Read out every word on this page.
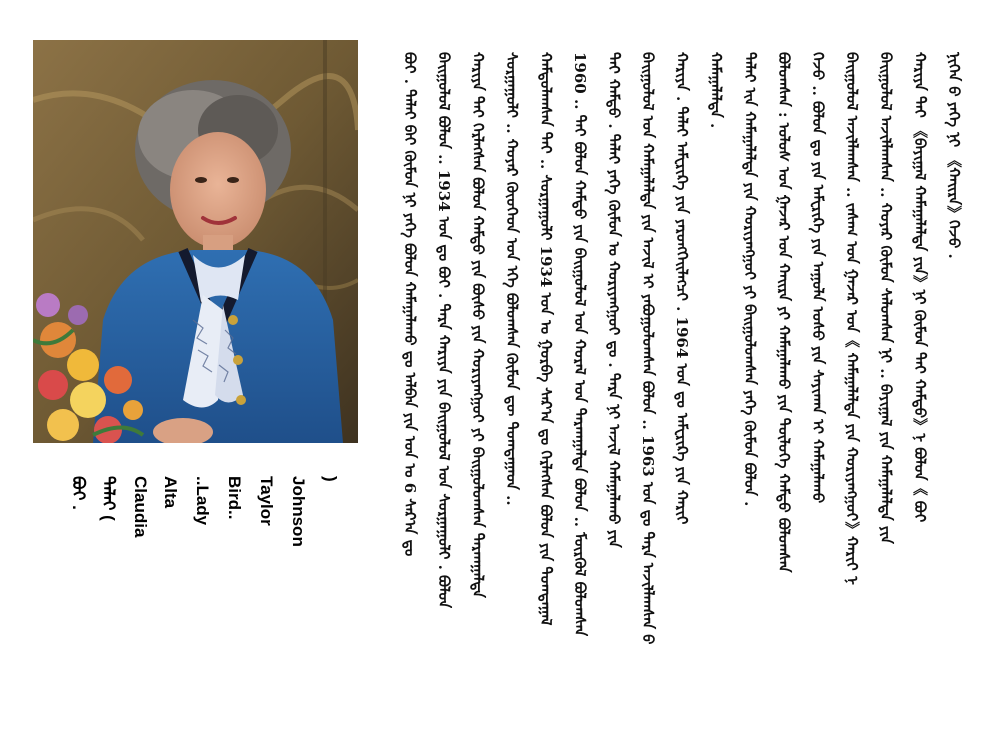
)
Johnson
Taylor
Bird..
..Lady
Alta
Claudia
ᠲᠠᠯᠠᠶ (
ᠪᠣᠢ .
ᠨᠢᠭᠡᠨ ᠪ ᠶᠡᠬᠡ ᠨᠢ 《ᠬᠠᠢᠷᠠ》ᠭᠡᠵᠦ .
ᠬᠠᠷᠢᠶᠠ ᠲᠠᠢ 《ᠪᠠᠶᠢᠭᠠᠯ ᠬᠠᠮᠠᠭᠠᠯᠠᠯᠲᠠ ᠶᠢᠨ》ᠨᠢ ᠬᠦᠮᠦᠨ ᠲᠠᠢ ᠬᠠᠮᠲᠤ》ᠨ ᠪᠣᠯᠤᠨ《 ᠪᠣᠢ
ᠪᠠᠢᠭᠤᠯᠤᠯ ᠠᠵᠢᠯᠯᠠᠭᠰᠠᠨ .. ᠬᠣᠶᠠᠷ ᠬᠦᠮᠦᠨ ᠰᠠᠯᠤᠭᠰᠠᠨ ᠨᠢ .. ᠪᠠᠶᠢᠭᠠᠯ ᠶᠢᠨ ᠬᠠᠮᠠᠭᠠᠯᠠᠯᠲᠠ ᠶᠢᠨ
ᠪᠠᠢᠭᠤᠯᠤᠯ ᠠᠵᠢᠯᠯᠠᠭᠰᠠᠨ .. ᠵᠠᠰᠠᠭ ᠤᠨ ᠭᠠᠵᠠᠷ ᠤᠨ《 ᠬᠠᠮᠠᠭᠠᠯᠠᠯᠲᠠ ᠶᠢᠨ ᠬᠤᠷᠢᠶᠠᠩᠭᠤᠢ》ᠬᠠᠷᠢᠶ ᠨ
ᠭᠡᠵᠦ .. ᠪᠣᠯᠤᠨ ᠳᠤ ᠶᠢᠨ ᠠᠮᠧᠷᠢᠺᠠ ᠶᠢᠨ ᠠᠭᠤᠯᠠ ᠤᠰᠤ ᠶᠢᠨ ᠰᠠᠶᠢᠬᠠᠨ ᠢ ᠬᠠᠮᠠᠭᠠᠯᠠᠬᠤ
ᠪᠣᠯᠤᠭᠰᠠᠨ : ᠤᠯᠤᠰ ᠤᠨ ᠭᠠᠵᠠᠷ ᠤᠨ ᠬᠠᠢᠷᠠ ᠶᠢ ᠬᠠᠮᠠᠭᠠᠯᠠᠬᠤ ᠶᠢᠨ ᠲᠥᠯᠥᠭᠡ ᠬᠠᠮᠲᠤ ᠪᠣᠯᠤᠭᠰᠠᠨ
ᠲᠠᠯᠠᠶ ᠢᠨ ᠬᠠᠮᠠᠭᠠᠯᠠᠯᠲᠠ ᠶᠢᠨ ᠬᠤᠷᠢᠶᠠᠩᠭᠤᠢ ᠶᠢ ᠪᠠᠢᠭᠤᠯᠤᠭᠰᠠᠨ ᠶᠡᠬᠡ ᠬᠦᠮᠦᠨ ᠪᠣᠯᠤᠨ .
ᠬᠠᠮᠠᠭᠠᠯᠠᠯᠲᠠ .
ᠬᠠᠷᠢᠶᠠ . ᠲᠠᠯᠠᠶ ᠠᠮᠧᠷᠢᠺᠠ ᠶᠢᠨ ᠶᠡᠷᠦᠩᠬᠡᠢᠯᠡᠭᠴᠢ . 1964 ᠣᠨ ᠳᠤ ᠠᠮᠧᠷᠢᠺᠠ ᠶᠢᠨ ᠬᠠᠷᠢᠶ
ᠪᠠᠢᠭᠤᠯᠤᠯ ᠤᠨ ᠬᠠᠮᠠᠭᠠᠯᠠᠯᠲᠠ ᠶᠢᠨ ᠠᠵᠢᠯ ᠢ ᠶᠠᠪᠤᠭᠤᠯᠤᠭᠰᠠᠨ ᠪᠣᠯᠤᠨ .. 1963 ᠣᠨ ᠳᠤ ᠲᠡᠷᠡ ᠠᠵᠢᠯᠯᠠᠭᠰᠠᠨ ᠪ
ᠲᠠᠢ ᠬᠠᠮᠲᠤ . ᠲᠠᠯᠠᠶ ᠶᠡᠬᠡ ᠬᠦᠮᠦᠨ ᠤ ᠬᠤᠷᠢᠶᠠᠩᠭᠤᠢ ᠳᠤ . ᠲᠡᠷᠡ ᠨᠢ ᠠᠵᠢᠯ ᠬᠠᠮᠠᠭᠠᠯᠠᠬᠤ ᠶᠢᠨ
1960 .. ᠲᠠᠢ ᠪᠣᠯᠤᠨ ᠬᠠᠮᠲᠤ ᠶᠢᠨ ᠪᠠᠢᠭᠤᠯᠤᠯ ᠤᠨ ᠬᠤᠷᠠᠯ ᠤᠨ ᠲᠠᠷᠬᠠᠭᠠᠯᠲᠠ ᠪᠣᠯᠤᠨ .. ᠮᠦᠷᠭᠦᠯ ᠪᠣᠯᠤᠭᠰᠠᠨ
ᠬᠠᠮᠲᠤᠯᠠᠭᠰᠠᠨ ᠲᠠᠢ .. ᠰᠤᠷᠭᠠᠭᠤᠯᠢ 1934 ᠣᠨ ᠤ ᠭᠤᠷᠪᠠ ᠰᠠᠷ᠎ᠠ ᠳᠤ ᠭᠡᠷᠯᠡᠭᠰᠡᠨ ᠪᠣᠯᠤᠨ ᠶᠢᠨ ᠲᠣᠭᠲᠠᠭᠠᠯ
ᠰᠤᠷᠭᠠᠭᠤᠯᠢ .. ᠬᠣᠶᠠᠷ ᠬᠦᠦᠬᠡᠳ ᠤᠨ ᠡᠬᠡ ᠪᠣᠯᠤᠭᠰᠠᠨ ᠬᠦᠮᠦᠨ ᠳᠦ ᠲᠣᠭᠲᠠᠭᠠᠳ ..
ᠬᠠᠷᠢᠶᠠ ᠲᠠᠢ ᠭᠡᠷᠯᠡᠭᠰᠡᠨ ᠪᠣᠯᠤᠨ ᠬᠠᠮᠲᠤ ᠶᠢᠨ ᠪᠦᠰᠦ ᠶᠢᠨ ᠬᠤᠷᠢᠶᠠᠩᠭᠤᠢ ᠶᠢ ᠪᠠᠢᠭᠤᠯᠤᠭᠰᠠᠨ ᠲᠠᠷᠬᠠᠭᠠᠯᠲᠠ
ᠪᠠᠢᠭᠤᠯᠤᠯ ᠪᠣᠯᠤᠨ .. 1934 ᠣᠨ ᠳᠤ ᠪᠣᠢ . ᠲᠡᠷᠡ ᠬᠠᠷᠢᠶᠠ ᠶᠢᠨ ᠪᠠᠢᠭᠤᠯᠤᠯ ᠤᠨ ᠰᠤᠷᠭᠠᠭᠤᠯᠢ . ᠪᠣᠯᠤᠨ
ᠪᠣᠢ . ᠲᠠᠯᠠᠶ ᠪᠠᠢ ᠬᠦᠮᠦᠨ ᠨᠢ ᠶᠡᠬᠡ ᠪᠣᠯᠤᠨ ᠬᠠᠮᠠᠭᠠᠯᠠᠬᠤ ᠳᠤ ᠠᠯᠪᠠᠨ ᠶᠢᠨ ᠣᠨ ᠤ 6 ᠰᠠᠷ᠎ᠠ ᠳᠤ
